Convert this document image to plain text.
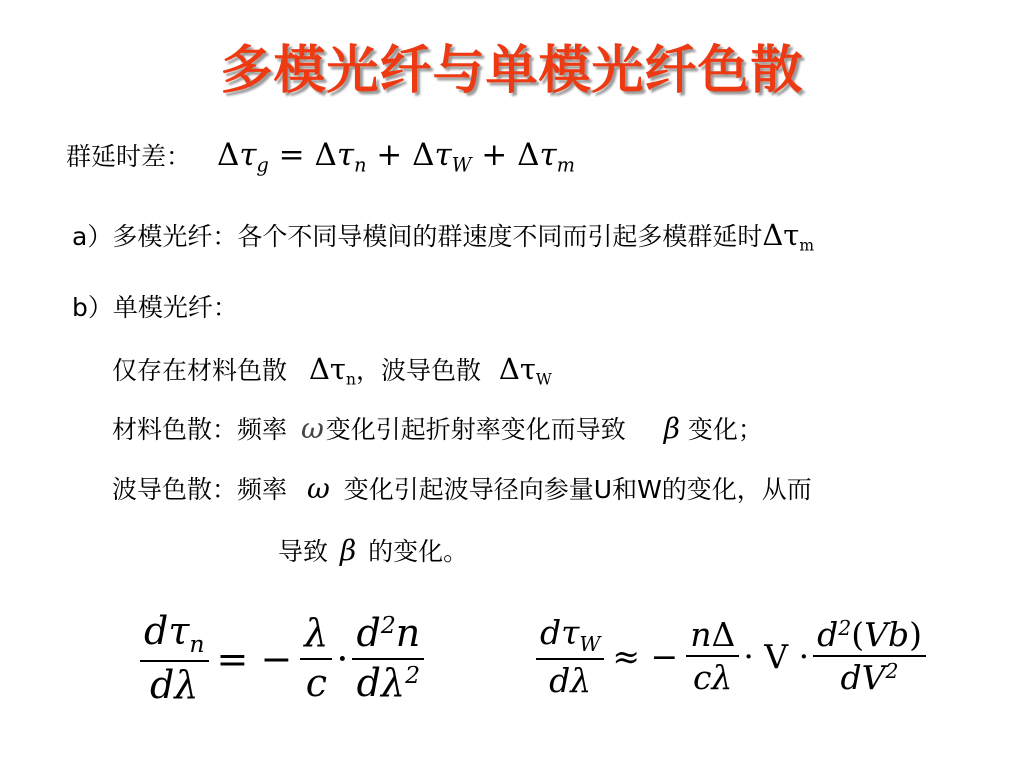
多模光纤与单模光纤色散
群延时差： $\Delta\tau_g = \Delta\tau_n + \Delta\tau_W + \Delta\tau_m$
a）多模光纤：各个不同导模间的群速度不同而引起多模群延时$\Delta\tau_m$
b）单模光纤：
仅存在材料色散 $\Delta\tau_n$，波导色散 $\Delta\tau_W$
材料色散：频率 ω 变化引起折射率变化而导致 β 变化；
波导色散：频率 ω 变化引起波导径向参量U和W的变化，从而
导致 β 的变化。
$\frac{d\tau_n}{d\lambda}$ = − $\frac{\lambda}{c} \cdot \frac{d^2n}{d\lambda^2}$	$\frac{d\tau_W}{d\lambda}$ ≈ − $\frac{n\Delta}{c\lambda} \cdot V \cdot \frac{d^2(Vb)}{dV^2}$
